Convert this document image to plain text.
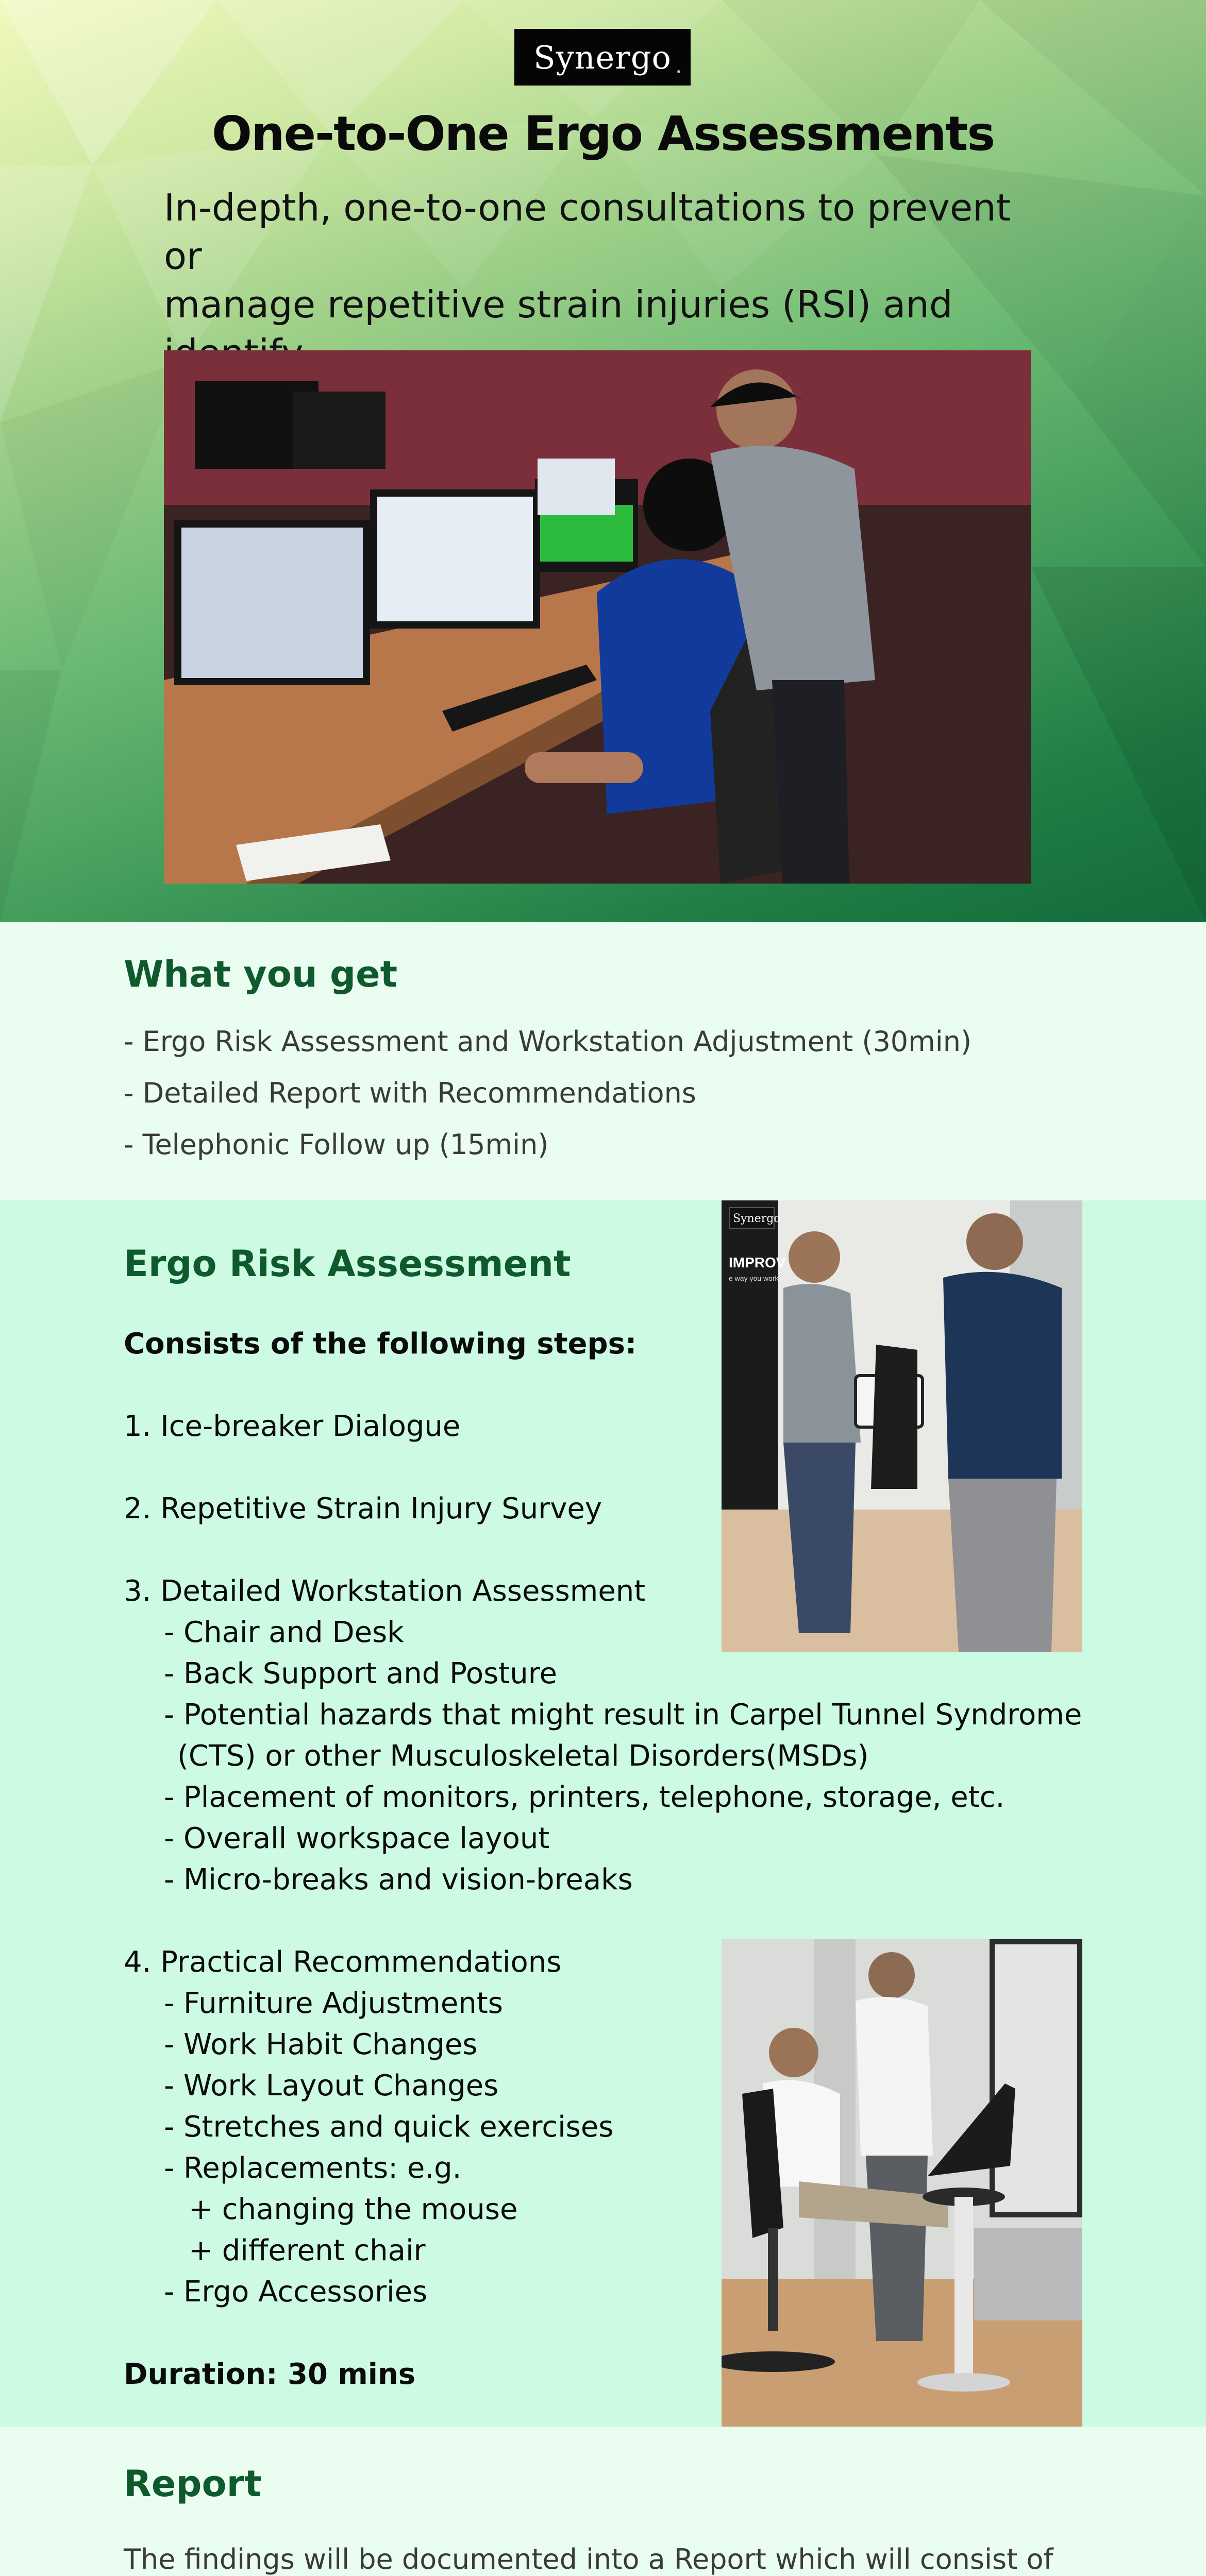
Synergo
One-to-One Ergo Assessments
In-depth, one-to-one consultations to prevent or
manage repetitive strain injuries (RSI) and
What you get
- Ergo Risk Assessment and Workstation Adjustment (30min)
- Detailed Report with Recommendations
- Telephonic Follow up (15min)
Ergo Risk Assessment
Consists of the following steps:
1. Ice-breaker Dialogue
2. Repetitive Strain Injury Survey
3. Detailed Workstation Assessment
- Chair and Desk
- Back Support and Posture
- Potential hazards that might result in Carpel Tunnel Syndrome
(CTS) or other Musculoskeletal Disorders(MSDs)
- Placement of monitors, printers, telephone, storage, etc.
- Overall workspace layout
- Micro-breaks and vision-breaks
4. Practical Recommendations
- Furniture Adjustments
- Work Habit Changes
- Work Layout Changes
- Stretches and quick exercises
- Replacements: e.g.
+ changing the mouse
+ different chair
- Ergo Accessories
Duration: 30 mins
Synergo
IMPROV
e way you work
Report
The findings will be documented into a Report which will consist of
